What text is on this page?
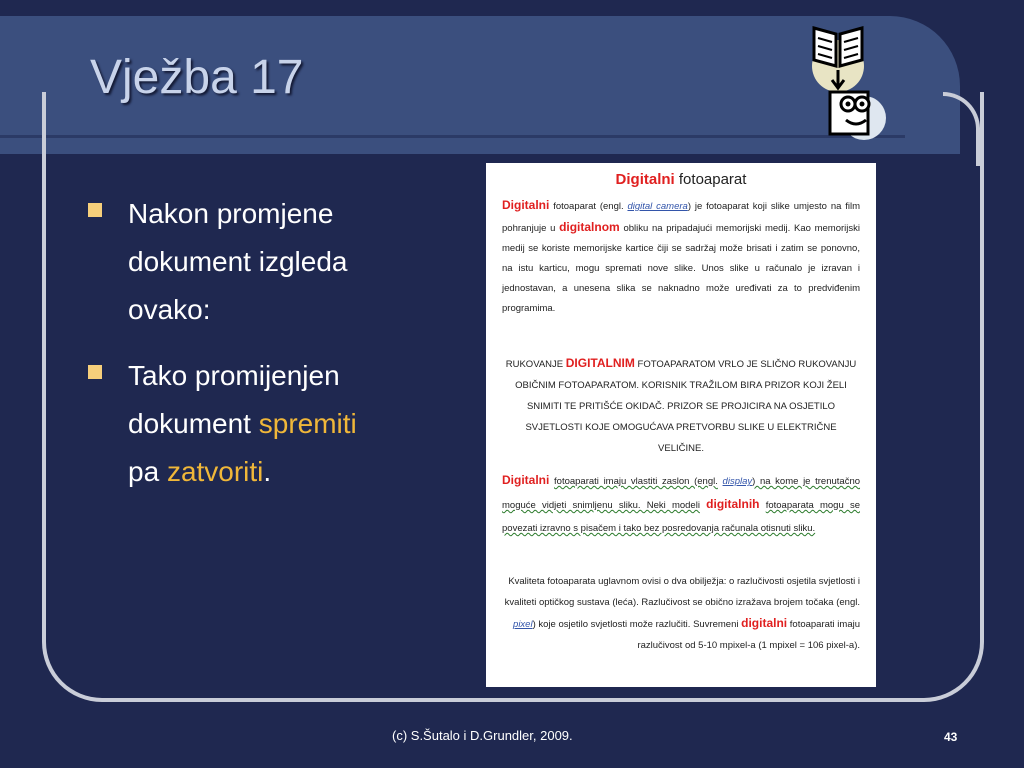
Vježba 17
Nakon promjene
dokument izgleda
ovako:
Tako promijenjen
dokument spremiti
pa zatvoriti.
Digitalni fotoaparat
Digitalni fotoaparat (engl. digital camera) je fotoaparat koji slike umjesto na film pohranjuje u digitalnom obliku na pripadajući memorijski medij. Kao memorijski medij se koriste memorijske kartice čiji se sadržaj može brisati i zatim se ponovno, na istu karticu, mogu spremati nove slike. Unos slike u računalo je izravan i jednostavan, a unesena slika se naknadno može uređivati za to predviđenim programima.
RUKOVANJE DIGITALNIM FOTOAPARATOM VRLO JE SLIČNO RUKOVANJU OBIČNIM FOTOAPARATOM. KORISNIK TRAŽILOM BIRA PRIZOR KOJI ŽELI SNIMITI TE PRITIŠĆE OKIDAČ. PRIZOR SE PROJICIRA NA OSJETILO SVJETLOSTI KOJE OMOGUĆAVA PRETVORBU SLIKE U ELEKTRIČNE VELIČINE.
Digitalni fotoaparati imaju vlastiti zaslon (engl. display) na kome je trenutačno moguće vidjeti snimljenu sliku. Neki modeli digitalnih fotoaparata mogu se povezati izravno s pisačem i tako bez posredovanja računala otisnuti sliku.
Kvaliteta fotoaparata uglavnom ovisi o dva obilježja: o razlučivosti osjetila svjetlosti i kvaliteti optičkog sustava (leća). Razlučivost se obično izražava brojem točaka (engl. pixel) koje osjetilo svjetlosti može razlučiti. Suvremeni digitalni fotoaparati imaju razlučivost od 5-10 mpixel-a (1 mpixel = 106 pixel-a).
(c) S.Šutalo i D.Grundler, 2009.	43
